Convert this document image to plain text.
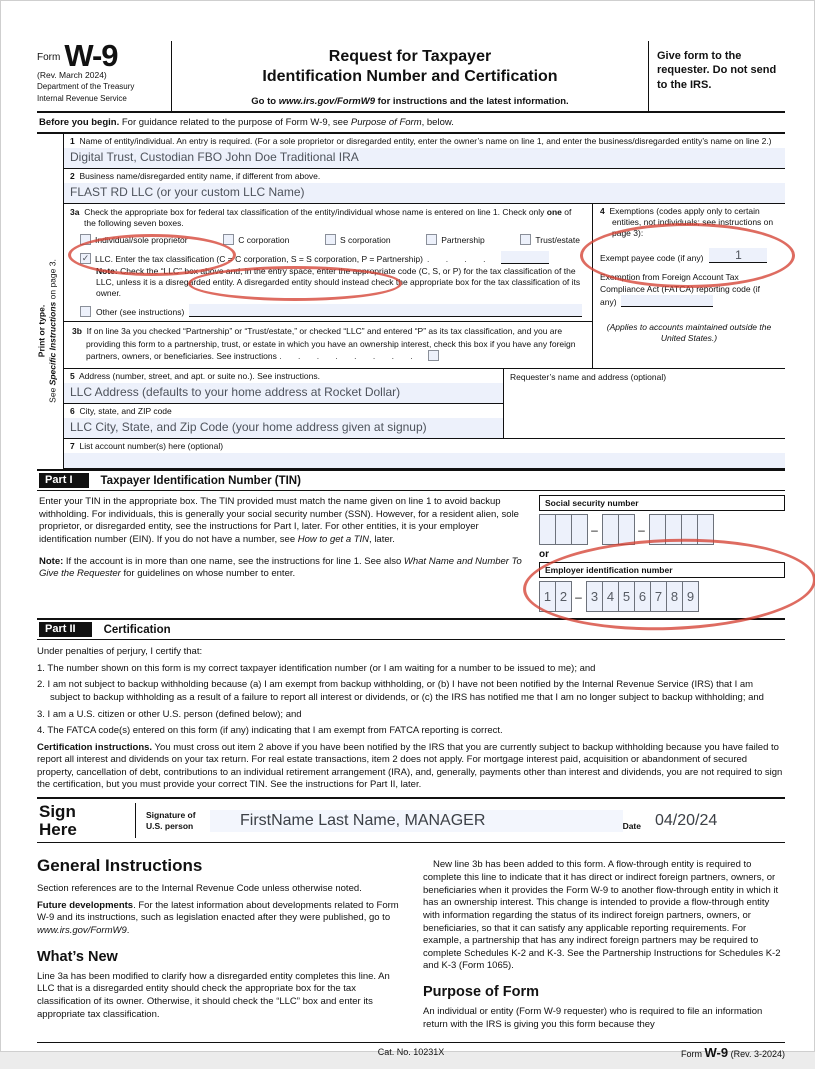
Form W-9
(Rev. March 2024)
Department of the Treasury
Internal Revenue Service
Request for Taxpayer
Identification Number and Certification
Go to www.irs.gov/FormW9 for instructions and the latest information.
Give form to the requester. Do not send to the IRS.
Before you begin. For guidance related to the purpose of Form W-9, see Purpose of Form, below.
Print or type.
See Specific Instructions on page 3.
1 Name of entity/individual. An entry is required. (For a sole proprietor or disregarded entity, enter the owner’s name on line 1, and enter the business/disregarded entity’s name on line 2.)
Digital Trust, Custodian FBO John Doe Traditional IRA
2 Business name/disregarded entity name, if different from above.
FLAST RD LLC (or your custom LLC Name)
3a Check the appropriate box for federal tax classification of the entity/individual whose name is entered on line 1. Check only one of the following seven boxes.
Individual/sole proprietor	C corporation	S corporation	Partnership	Trust/estate
✓ LLC. Enter the tax classification (C = C corporation, S = S corporation, P = Partnership) . . . .
Note: Check the “LLC” box above and, in the entry space, enter the appropriate code (C, S, or P) for the tax classification of the LLC, unless it is a disregarded entity. A disregarded entity should instead check the appropriate box for the tax classification of its owner.
Other (see instructions)
3b If on line 3a you checked “Partnership” or “Trust/estate,” or checked “LLC” and entered “P” as its tax classification, and you are providing this form to a partnership, trust, or estate in which you have an ownership interest, check this box if you have any foreign partners, owners, or beneficiaries. See instructions . . . . . . . .
4 Exemptions (codes apply only to certain entities, not individuals; see instructions on page 3):
Exempt payee code (if any)	1
Exemption from Foreign Account Tax Compliance Act (FATCA) reporting code (if any)
(Applies to accounts maintained outside the United States.)
5 Address (number, street, and apt. or suite no.). See instructions.
LLC Address (defaults to your home address at Rocket Dollar)
6 City, state, and ZIP code
LLC City, State, and Zip Code (your home address given at signup)
Requester’s name and address (optional)
7 List account number(s) here (optional)
Part I	Taxpayer Identification Number (TIN)

Enter your TIN in the appropriate box. The TIN provided must match the name given on line 1 to avoid backup withholding. For individuals, this is generally your social security number (SSN). However, for a resident alien, sole proprietor, or disregarded entity, see the instructions for Part I, later. For other entities, it is your employer identification number (EIN). If you do not have a number, see How to get a TIN, later.

Note: If the account is in more than one name, see the instructions for line 1. See also What Name and Number To Give the Requester for guidelines on whose number to enter.

Social security number
–	–
or
Employer identification number
1 2 – 3 4 5 6 7 8 9
Part II	Certification

Under penalties of perjury, I certify that:

1. The number shown on this form is my correct taxpayer identification number (or I am waiting for a number to be issued to me); and

2. I am not subject to backup withholding because (a) I am exempt from backup withholding, or (b) I have not been notified by the Internal Revenue Service (IRS) that I am subject to backup withholding as a result of a failure to report all interest or dividends, or (c) the IRS has notified me that I am no longer subject to backup withholding; and

3. I am a U.S. citizen or other U.S. person (defined below); and

4. The FATCA code(s) entered on this form (if any) indicating that I am exempt from FATCA reporting is correct.

Certification instructions. You must cross out item 2 above if you have been notified by the IRS that you are currently subject to backup withholding because you have failed to report all interest and dividends on your tax return. For real estate transactions, item 2 does not apply. For mortgage interest paid, acquisition or abandonment of secured property, cancellation of debt, contributions to an individual retirement arrangement (IRA), and, generally, payments other than interest and dividends, you are not required to sign the certification, but you must provide your correct TIN. See the instructions for Part II, later.

Sign
Here
Signature of
U.S. person	FirstName Last Name, MANAGER	Date 04/20/24
General Instructions

Section references are to the Internal Revenue Code unless otherwise noted.

Future developments. For the latest information about developments related to Form W-9 and its instructions, such as legislation enacted after they were published, go to www.irs.gov/FormW9.

What’s New

Line 3a has been modified to clarify how a disregarded entity completes this line. An LLC that is a disregarded entity should check the appropriate box for the tax classification of its owner. Otherwise, it should check the “LLC” box and enter its appropriate tax classification.

New line 3b has been added to this form. A flow-through entity is required to complete this line to indicate that it has direct or indirect foreign partners, owners, or beneficiaries when it provides the Form W-9 to another flow-through entity in which it has an ownership interest. This change is intended to provide a flow-through entity with information regarding the status of its indirect foreign partners, owners, or beneficiaries, so that it can satisfy any applicable reporting requirements. For example, a partnership that has any indirect foreign partners may be required to complete Schedules K-2 and K-3. See the Partnership Instructions for Schedules K-2 and K-3 (Form 1065).

Purpose of Form

An individual or entity (Form W-9 requester) who is required to file an information return with the IRS is giving you this form because they

Cat. No. 10231X	Form W-9 (Rev. 3-2024)
